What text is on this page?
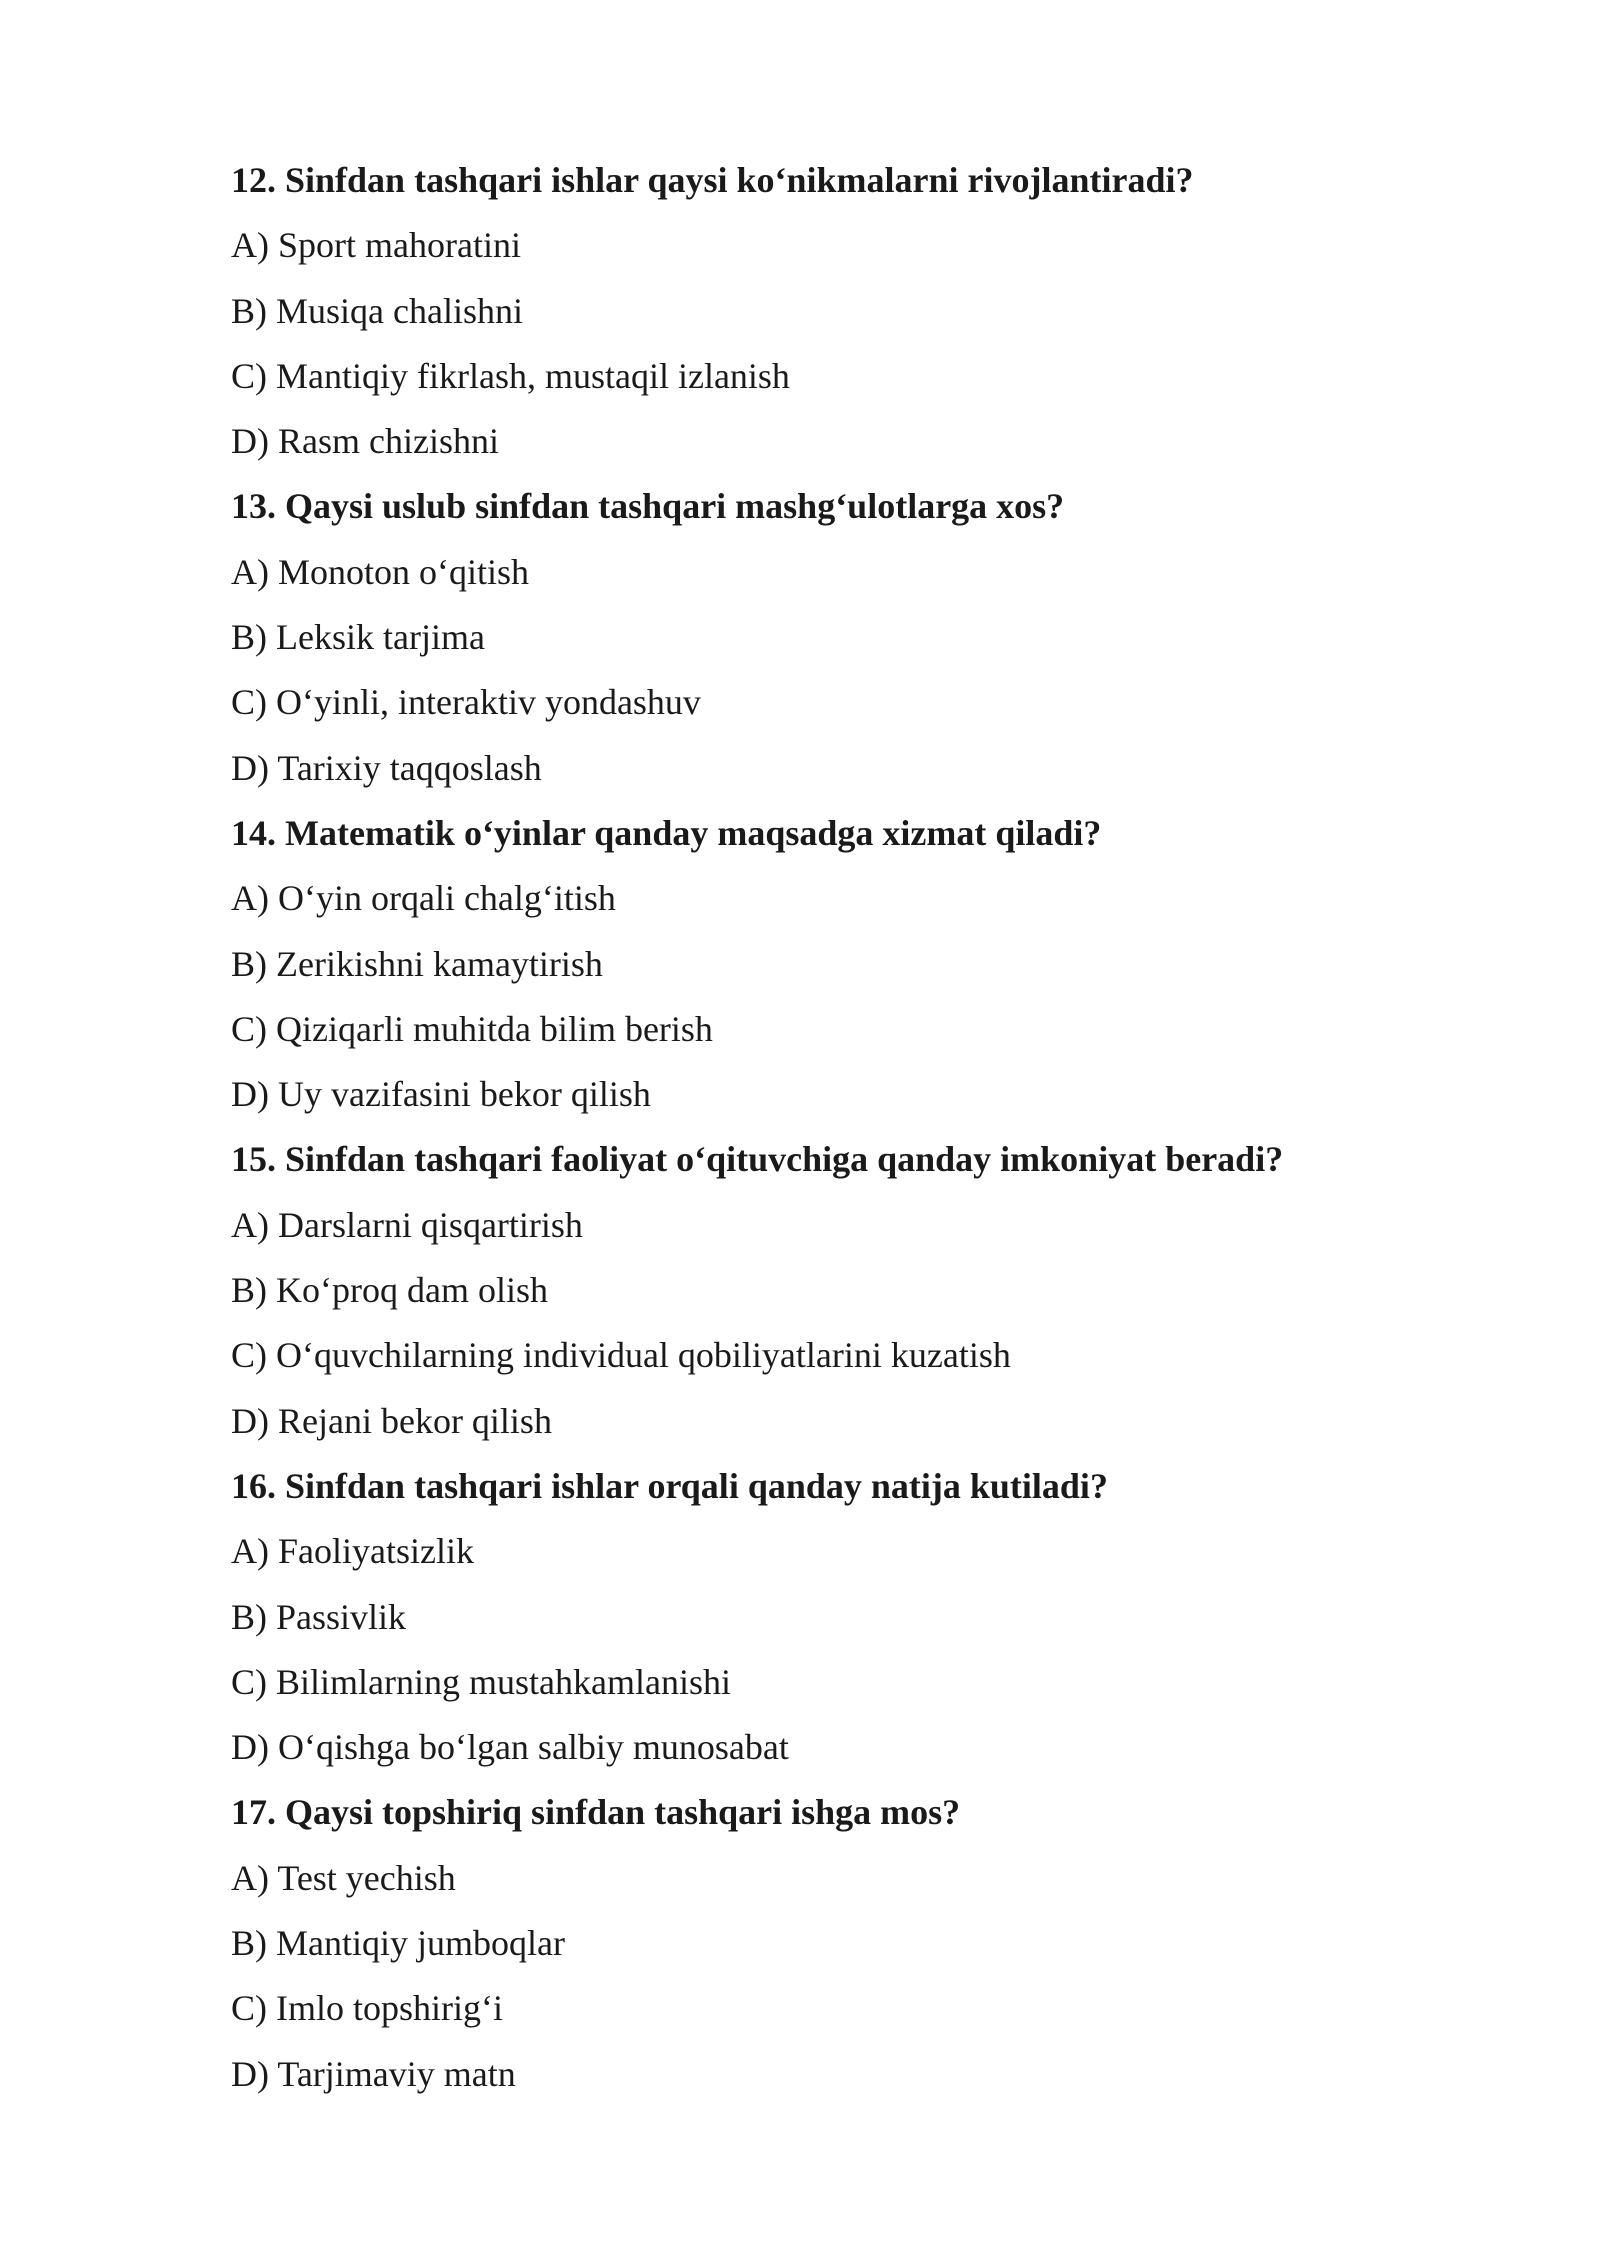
12. Sinfdan tashqari ishlar qaysi ko‘nikmalarni rivojlantiradi?
A) Sport mahoratini
B) Musiqa chalishni
C) Mantiqiy fikrlash, mustaqil izlanish
D) Rasm chizishni
13. Qaysi uslub sinfdan tashqari mashg‘ulotlarga xos?
A) Monoton o‘qitish
B) Leksik tarjima
C) O‘yinli, interaktiv yondashuv
D) Tarixiy taqqoslash
14. Matematik o‘yinlar qanday maqsadga xizmat qiladi?
A) O‘yin orqali chalg‘itish
B) Zerikishni kamaytirish
C) Qiziqarli muhitda bilim berish
D) Uy vazifasini bekor qilish
15. Sinfdan tashqari faoliyat o‘qituvchiga qanday imkoniyat beradi?
A) Darslarni qisqartirish
B) Ko‘proq dam olish
C) O‘quvchilarning individual qobiliyatlarini kuzatish
D) Rejani bekor qilish
16. Sinfdan tashqari ishlar orqali qanday natija kutiladi?
A) Faoliyatsizlik
B) Passivlik
C) Bilimlarning mustahkamlanishi
D) O‘qishga bo‘lgan salbiy munosabat
17. Qaysi topshiriq sinfdan tashqari ishga mos?
A) Test yechish
B) Mantiqiy jumboqlar
C) Imlo topshirig‘i
D) Tarjimaviy matn
